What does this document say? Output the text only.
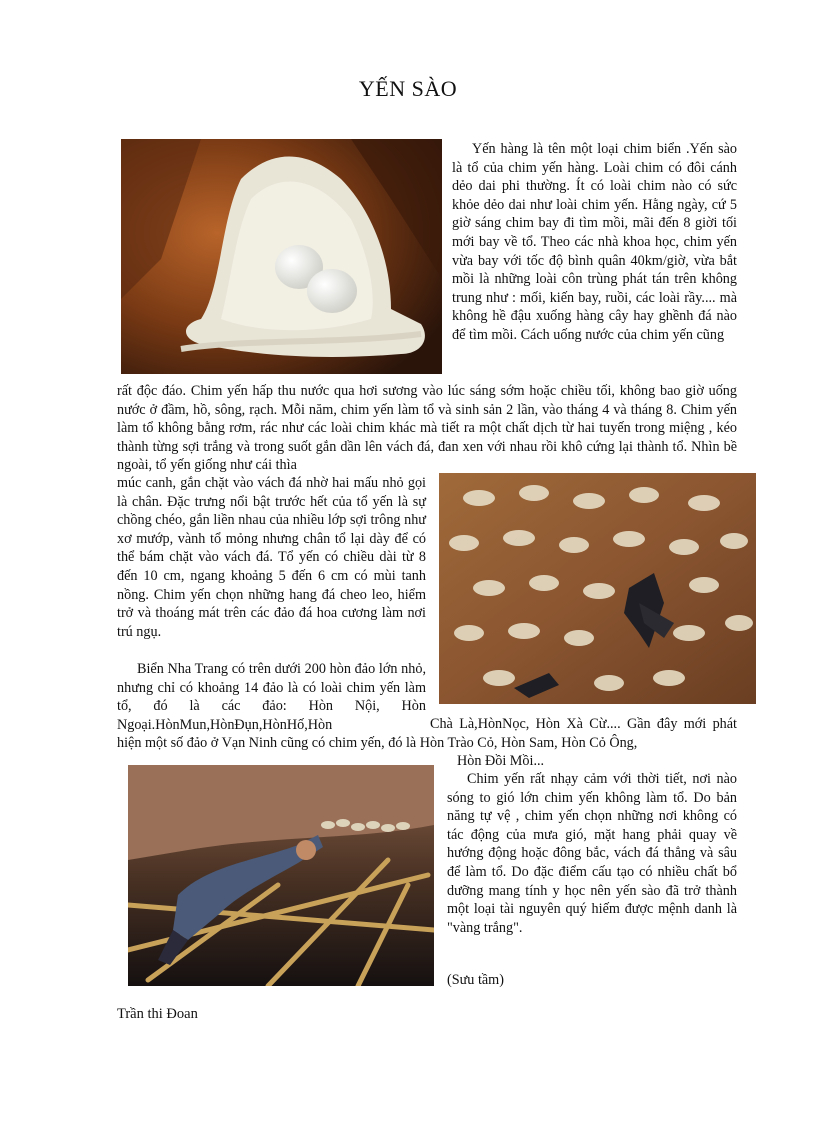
YẾN SÀO
Yến hàng là tên một loại chim biển .Yến sào là tổ của chim yến hàng. Loài chim có đôi cánh dẻo dai phi thường. Ít có loài chim nào có sức khỏe dẻo dai như loài chim yến. Hằng ngày, cứ 5 giờ sáng chim bay đi tìm mồi, mãi đến 8 giời tối mới bay về tổ. Theo các nhà khoa học, chim yến vừa bay với tốc độ bình quân 40km/giờ, vừa bắt mồi là những loài côn trùng phát tán trên không trung như : mối, kiến bay, ruồi, các loài rầy.... mà không hề đậu xuống hàng cây hay ghềnh đá nào để tìm mồi. Cách uống nước của chim yến cũng
rất độc đáo. Chim yến hấp thu nước qua hơi sương vào lúc sáng sớm hoặc chiều tối, không bao giờ uống nước ở đầm, hồ, sông, rạch. Mỗi năm, chim yến làm tổ và sinh sản 2 lần, vào tháng 4 và tháng 8. Chim yến làm tổ không bằng rơm, rác như các loài chim khác mà tiết ra một chất dịch từ hai tuyến trong miệng , kéo thành từng sợi trắng và trong suốt gắn dần lên vách đá, đan xen với nhau rồi khô cứng lại thành tổ. Nhìn bề ngoài, tổ yến giống như cái thìa
múc canh, gắn chặt vào vách đá nhờ hai mấu nhỏ gọi là chân. Đặc trưng nổi bật trước hết của tổ yến là sự chồng chéo, gắn liền nhau của nhiều lớp sợi trông như xơ mướp, vành tổ mỏng nhưng chân tổ lại dày để có thể bám chặt vào vách đá. Tổ yến có chiều dài từ 8 đến 10 cm, ngang khoảng 5 đến 6 cm có mùi tanh nồng. Chim yến chọn những hang đá cheo leo, hiểm trở và thoáng mát trên các đảo đá hoa cương làm nơi trú ngụ.
Biển Nha Trang có trên dưới 200 hòn đảo lớn nhỏ, nhưng chỉ có khoảng 14 đảo là có loài chim yến làm tổ, đó là các đảo: Hòn Nội, Hòn Ngoại.HònMun,HònĐụn,HònHố,Hòn	Chà Là,HònNọc, Hòn Xà Cừ.... Gần đây mới phát hiện một số đảo ở Vạn Ninh cũng có chim yến, đó là Hòn Trào Cỏ, Hòn Sam, Hòn Cỏ Ông,
Hòn Đồi Mồi...
Chim yến rất nhạy cảm với thời tiết, nơi nào sóng to gió lớn chim yến không làm tổ. Do bản năng tự vệ , chim yến chọn những nơi không có tác động của mưa gió, mặt hang phải quay về hướng động hoặc đông bắc, vách đá thẳng và sâu để làm tổ. Do đặc điểm cấu tạo có nhiều chất bổ dưỡng mang tính y học nên yến sào đã trở thành một loại tài nguyên quý hiếm được mệnh danh là "vàng trắng".
(Sưu tầm)
Trần thi Đoan
